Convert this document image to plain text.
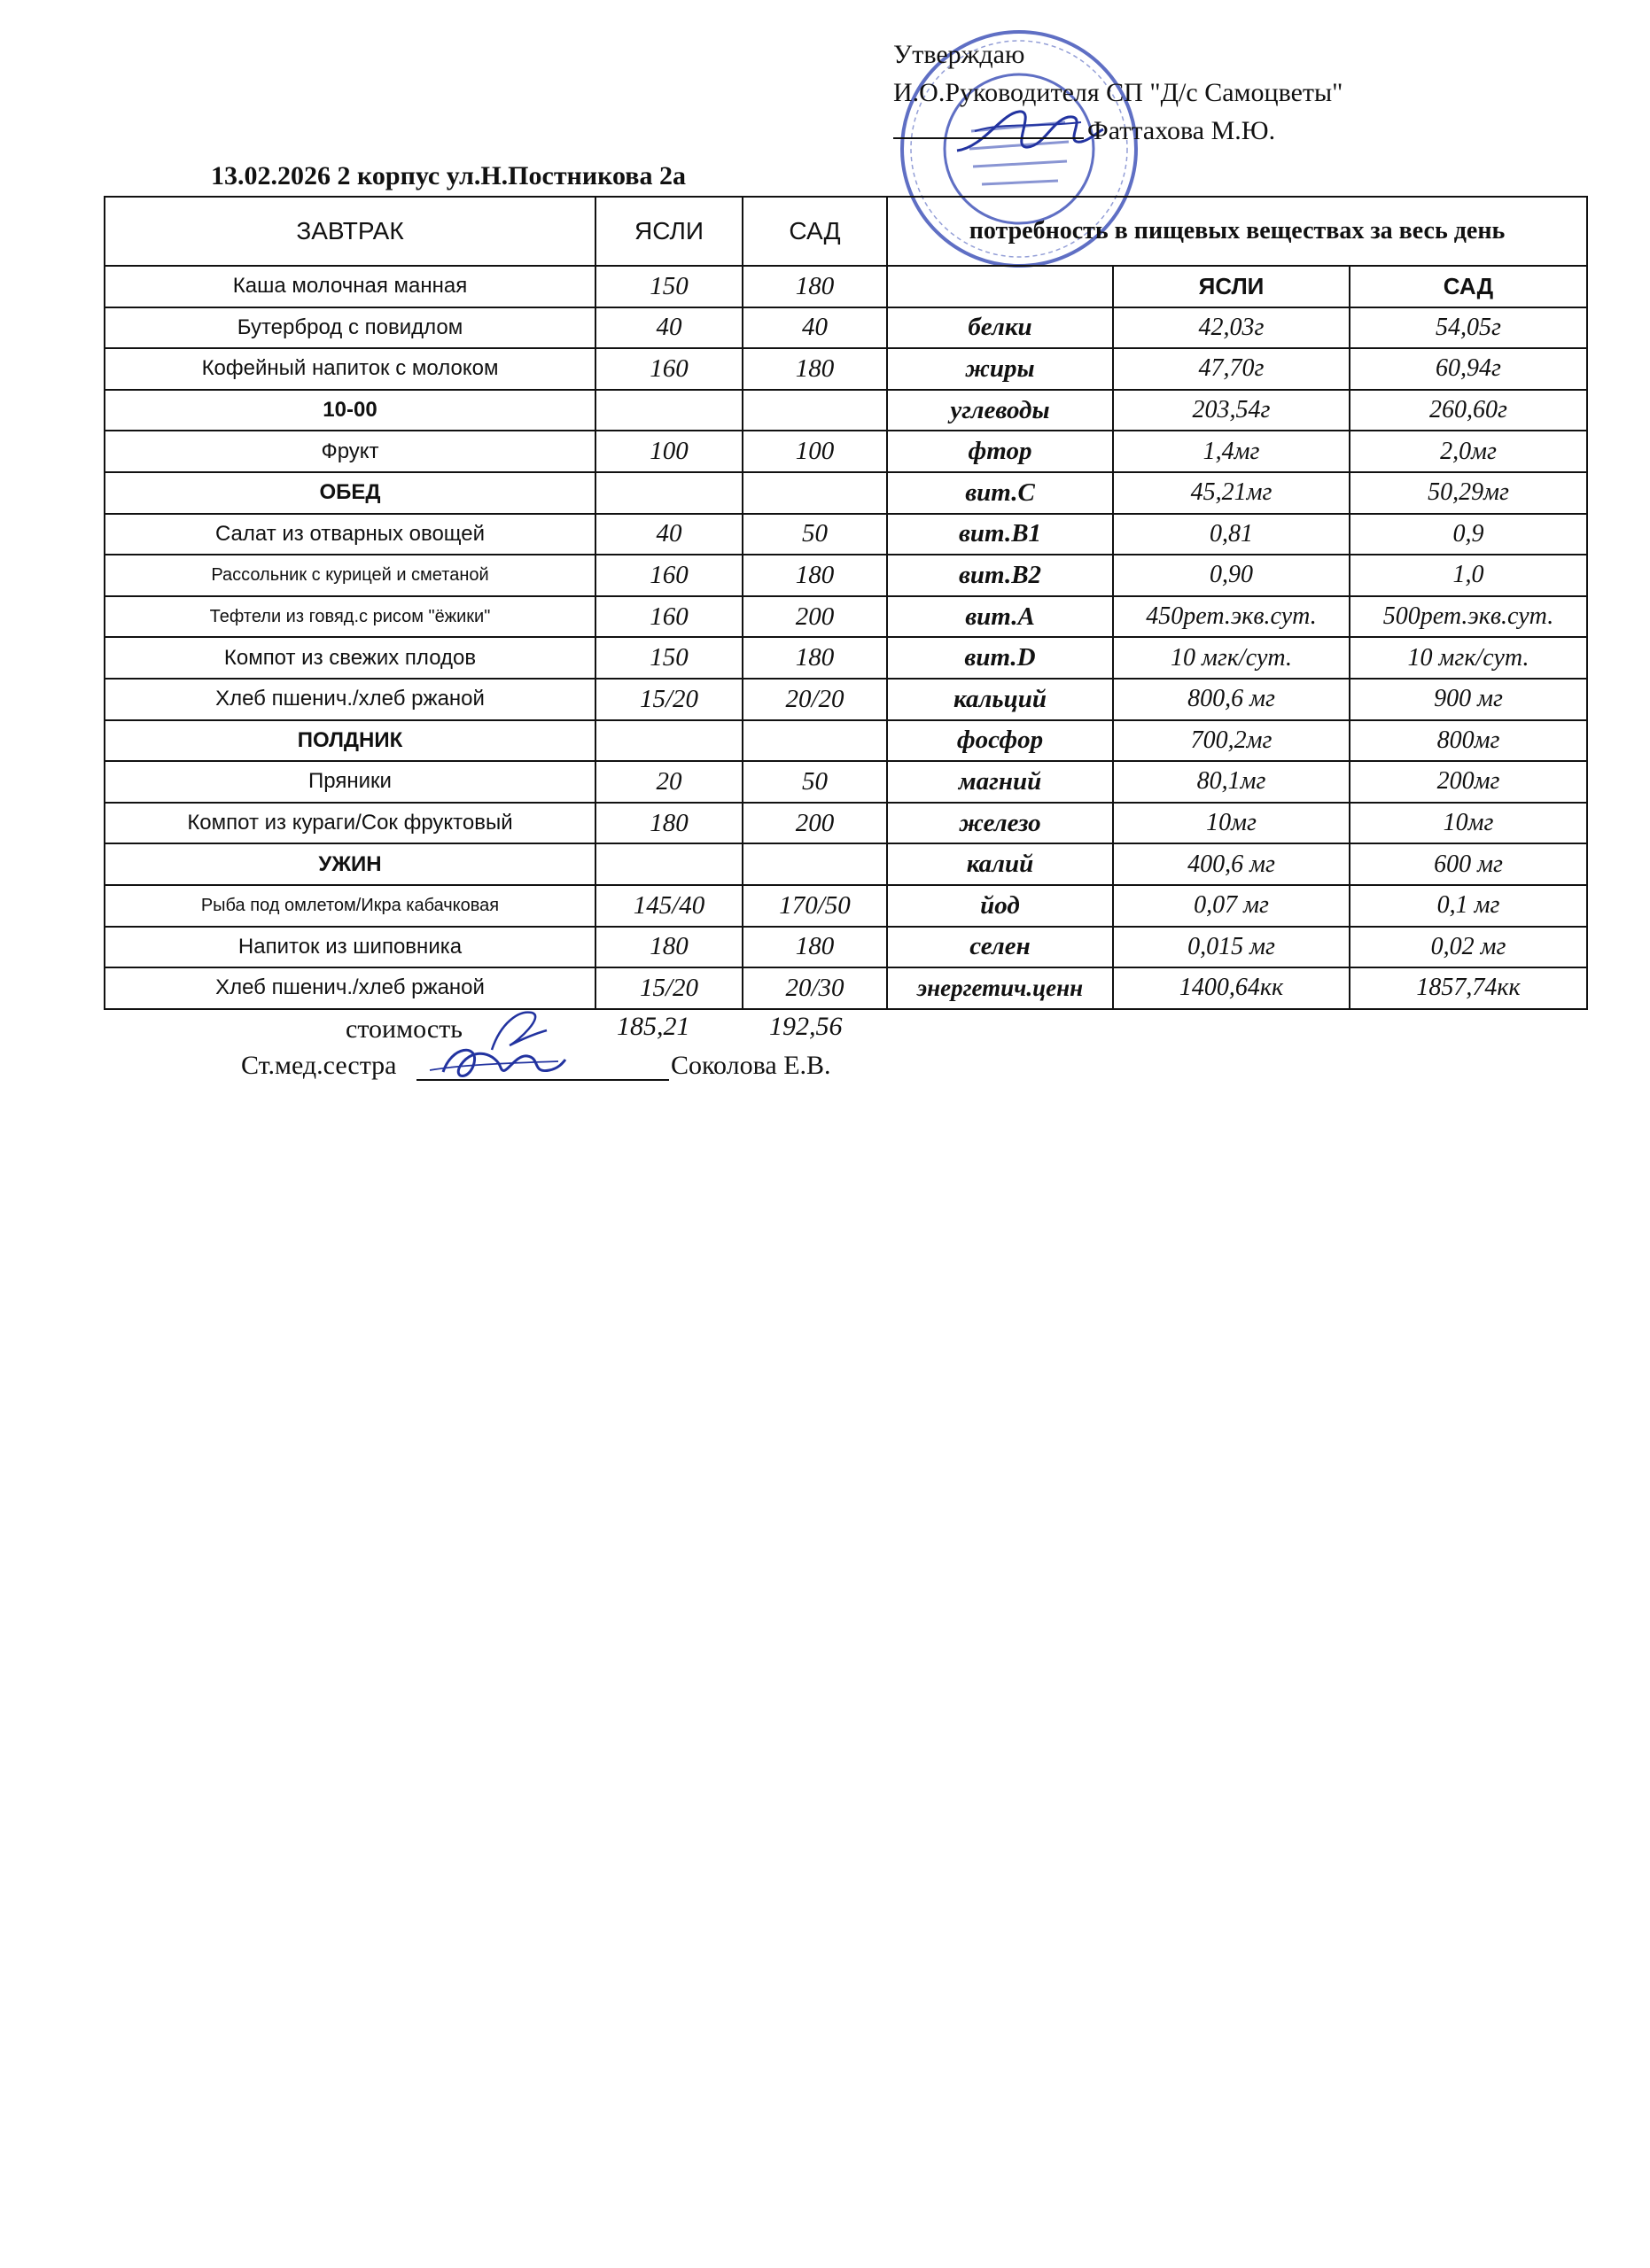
Утверждаю
И.О.Руководителя СП "Д/с Самоцветы"
Фаттахова М.Ю.
13.02.2026 2 корпус ул.Н.Постникова 2а
ЗАВТРАК	ЯСЛИ	САД	потребность в пищевых веществах за весь день		
Каша молочная манная	150	180		ЯСЛИ	САД
Бутерброд с повидлом	40	40	белки	42,03г	54,05г
Кофейный напиток с молоком	160	180	жиры	47,70г	60,94г
10-00			углеводы	203,54г	260,60г
Фрукт	100	100	фтор	1,4мг	2,0мг
ОБЕД			вит.С	45,21мг	50,29мг
Салат из отварных овощей	40	50	вит.В1	0,81	0,9
Рассольник с курицей и сметаной	160	180	вит.В2	0,90	1,0
Тефтели из говяд.с рисом "ёжики"	160	200	вит.А	450рет.экв.сут.	500рет.экв.сут.
Компот из свежих плодов	150	180	вит.D	10 мгк/сут.	10 мгк/сут.
Хлеб пшенич./хлеб ржаной	15/20	20/20	кальций	800,6 мг	900 мг
ПОЛДНИК			фосфор	700,2мг	800мг
Пряники	20	50	магний	80,1мг	200мг
Компот из кураги/Сок фруктовый	180	200	железо	10мг	10мг
УЖИН			калий	400,6 мг	600 мг
Рыба под омлетом/Икра кабачковая	145/40	170/50	йод	0,07 мг	0,1 мг
Напиток из шиповника	180	180	селен	0,015 мг	0,02 мг
Хлеб пшенич./хлеб ржаной	15/20	20/30	энергетич.ценн	1400,64кк	1857,74кк
стоимость	185,21	192,56
Ст.мед.сестра	Соколова Е.В.
